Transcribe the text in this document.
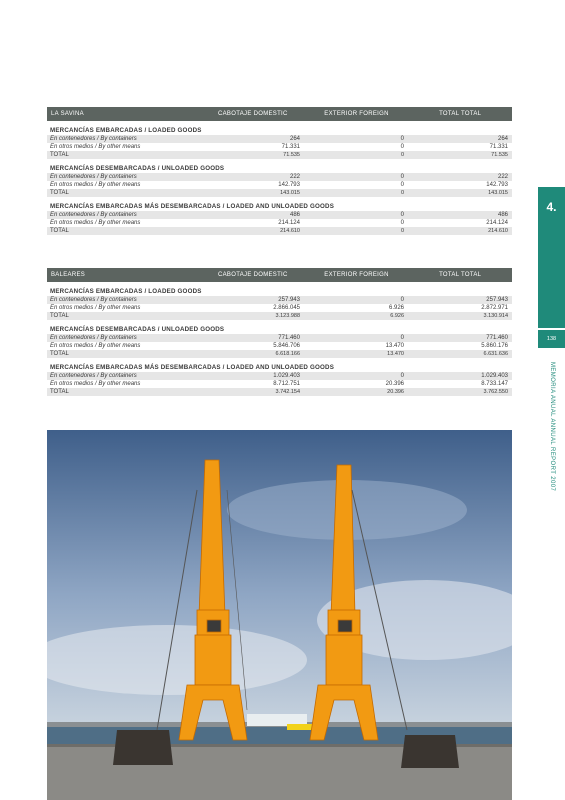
LA SAVINA	CABOTAJE DOMESTIC	EXTERIOR FOREIGN	TOTAL TOTAL
MERCANCÍAS EMBARCADAS / LOADED GOODS
En contenedores / By containers	264	0	264
En otros medios / By other means	71.331	0	71.331
TOTAL	71.535	0	71.535
MERCANCÍAS DESEMBARCADAS / UNLOADED GOODS
En contenedores / By containers	222	0	222
En otros medios / By other means	142.793	0	142.793
TOTAL	143.015	0	143.015
MERCANCÍAS EMBARCADAS MÁS DESEMBARCADAS / LOADED AND UNLOADED GOODS
En contenedores / By containers	486	0	486
En otros medios / By other means	214.124	0	214.124
TOTAL	214.610	0	214.610
BALEARES	CABOTAJE DOMESTIC	EXTERIOR FOREIGN	TOTAL TOTAL
MERCANCÍAS EMBARCADAS / LOADED GOODS
En contenedores / By containers	257.943	0	257.943
En otros medios / By other means	2.866.045	6.926	2.872.971
TOTAL	3.123.988	6.926	3.130.914
MERCANCÍAS DESEMBARCADAS / UNLOADED GOODS
En contenedores / By containers	771.460	0	771.460
En otros medios / By other means	5.846.706	13.470	5.860.176
TOTAL	6.618.166	13.470	6.631.636
MERCANCÍAS EMBARCADAS MÁS DESEMBARCADAS / LOADED AND UNLOADED GOODS
En contenedores / By containers	1.029.403	0	1.029.403
En otros medios / By other means	8.712.751	20.396	8.733.147
TOTAL	3.742.154	20.396	3.762.550
4.
138
MEMORIA ANUAL ANNUAL REPORT 2007
